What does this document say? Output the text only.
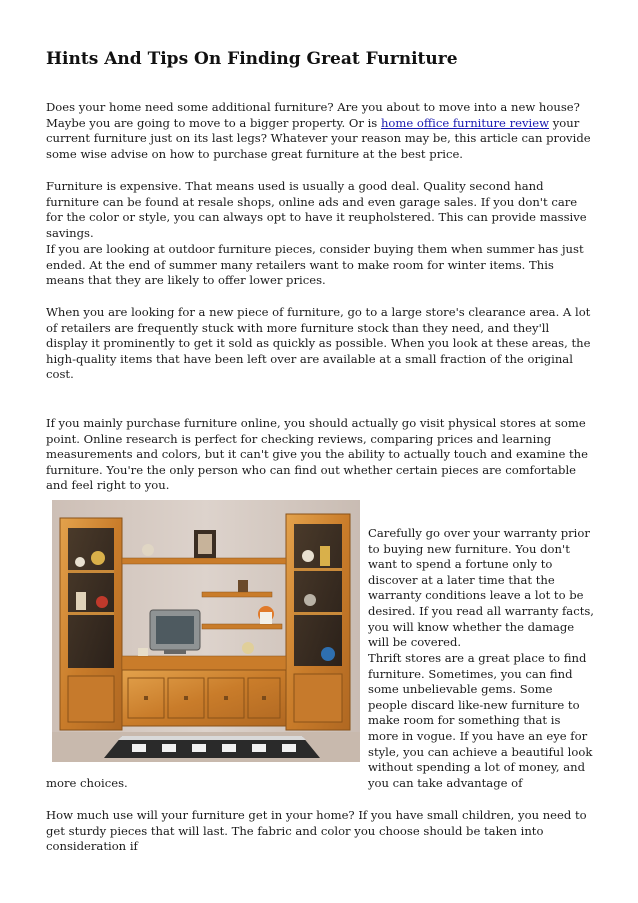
Hints And Tips On Finding Great Furniture

Does your home need some additional furniture? Are you about to move into a new house? Maybe you are going to move to a bigger property. Or is home office furniture review your current furniture just on its last legs? Whatever your reason may be, this article can provide some wise advise on how to purchase great furniture at the best price.

Furniture is expensive. That means used is usually a good deal. Quality second hand furniture can be found at resale shops, online ads and even garage sales. If you don't care for the color or style, you can always opt to have it reupholstered. This can provide massive savings.

If you are looking at outdoor furniture pieces, consider buying them when summer has just ended. At the end of summer many retailers want to make room for winter items. This means that they are likely to offer lower prices.

When you are looking for a new piece of furniture, go to a large store's clearance area. A lot of retailers are frequently stuck with more furniture stock than they need, and they'll display it prominently to get it sold as quickly as possible. When you look at these areas, the high-quality items that have been left over are available at a small fraction of the original cost.

If you mainly purchase furniture online, you should actually go visit physical stores at some point. Online research is perfect for checking reviews, comparing prices and learning measurements and colors, but it can't give you the ability to actually touch and examine the furniture. You're the only person who can find out whether certain pieces are comfortable and feel right to you.

Carefully go over your warranty prior to buying new furniture. You don't want to spend a fortune only to discover at a later time that the warranty conditions leave a lot to be desired. If you read all warranty facts, you will know whether the damage will be covered.

Thrift stores are a great place to find furniture. Sometimes, you can find some unbelievable gems. Some people discard like-new furniture to make room for something that is more in vogue. If you have an eye for style, you can achieve a beautiful look without spending a lot of money, and you can take advantage of

more choices.

How much use will your furniture get in your home? If you have small children, you need to get sturdy pieces that will last. The fabric and color you choose should be taken into consideration if
